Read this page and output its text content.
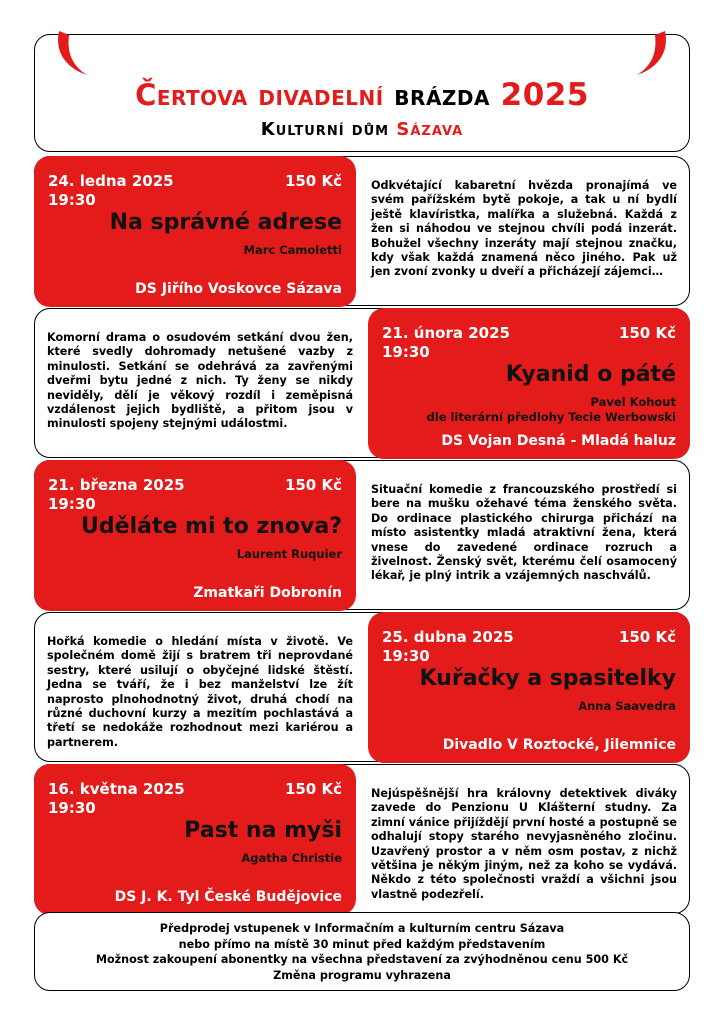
Čertova divadelní brázda 2025
Kulturní dům Sázava
24. ledna 2025
19:30
150 Kč
Na správné adrese
Marc Camoletti
DS Jiřího Voskovce Sázava
Odkvétající kabaretní hvězda pronajímá ve svém pařížském bytě pokoje, a tak u ní bydlí ještě klavíristka, malířka a služebná. Každá z žen si náhodou ve stejnou chvíli podá inzerát. Bohužel všechny inzeráty mají stejnou značku, kdy však každá znamená něco jiného. Pak už jen zvoní zvonky u dveří a přicházejí zájemci…
Komorní drama o osudovém setkání dvou žen, které svedly dohromady netušené vazby z minulosti. Setkání se odehrává za zavřenými dveřmi bytu jedné z nich. Ty ženy se nikdy neviděly, dělí je věkový rozdíl i zeměpisná vzdálenost jejich bydliště, a přitom jsou v minulosti spojeny stejnými událostmi.
21. února 2025
19:30
150 Kč
Kyanid o páté
Pavel Kohout
dle literární předlohy Tecie Werbowski
DS Vojan Desná - Mladá haluz
21. března 2025
19:30
150 Kč
Uděláte mi to znova?
Laurent Ruquier
Zmatkaři Dobronín
Situační komedie z francouzského prostředí si bere na mušku ožehavé téma ženského světa. Do ordinace plastického chirurga přichází na místo asistentky mladá atraktivní žena, která vnese do zavedené ordinace rozruch a živelnost. Ženský svět, kterému čelí osamocený lékař, je plný intrik a vzájemných naschválů.
Hořká komedie o hledání místa v životě. Ve společném domě žijí s bratrem tři neprovdané sestry, které usilují o obyčejné lidské štěstí. Jedna se tváří, že i bez manželství lze žít naprosto plnohodnotný život, druhá chodí na různé duchovní kurzy a mezitím pochlastává a třetí se nedokáže rozhodnout mezi kariérou a partnerem.
25. dubna 2025
19:30
150 Kč
Kuřačky a spasitelky
Anna Saavedra
Divadlo V Roztocké, Jilemnice
16. května 2025
19:30
150 Kč
Past na myši
Agatha Christie
DS J. K. Tyl České Budějovice
Nejúspěšnější hra královny detektivek diváky zavede do Penzionu U Klášterní studny. Za zimní vánice přijíždějí první hosté a postupně se odhalují stopy starého nevyjasněného zločinu. Uzavřený prostor a v něm osm postav, z nichž většina je někým jiným, než za koho se vydává. Někdo z této společnosti vraždí a všichni jsou vlastně podezřelí.
Předprodej vstupenek v Informačním a kulturním centru Sázava
nebo přímo na místě 30 minut před každým představením
Možnost zakoupení abonentky na všechna představení za zvýhodněnou cenu 500 Kč
Změna programu vyhrazena
